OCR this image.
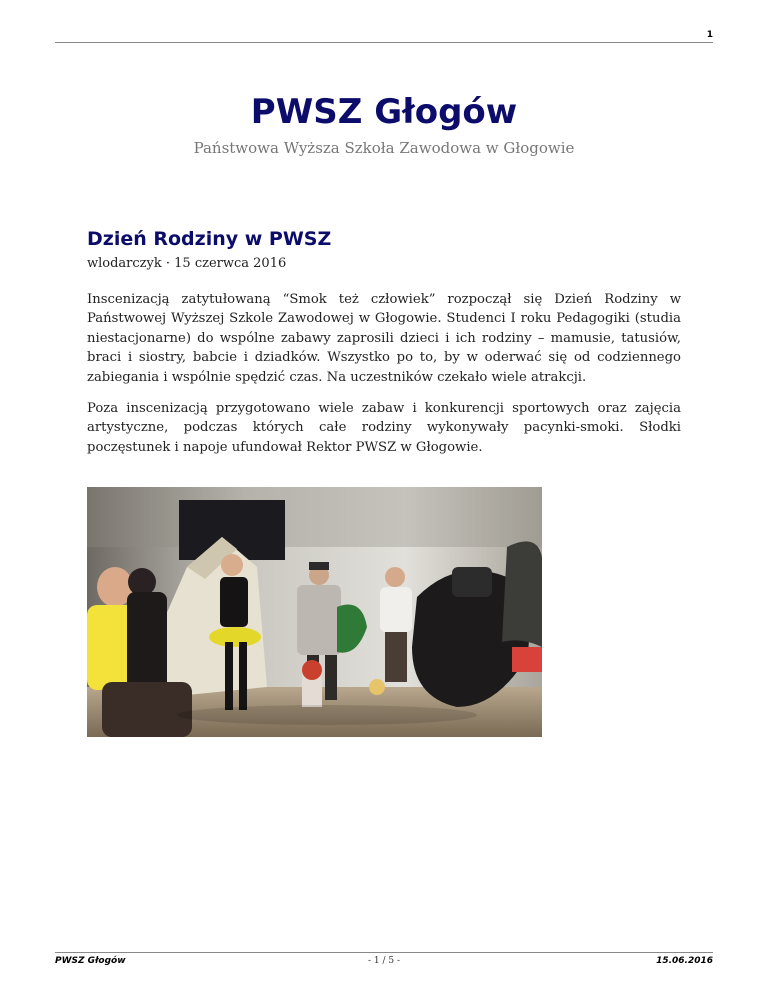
1
PWSZ Głogów
Państwowa Wyższa Szkoła Zawodowa w Głogowie
Dzień Rodziny w PWSZ
wlodarczyk · 15 czerwca 2016

Inscenizacją zatytułowaną “Smok też człowiek” rozpoczął się Dzień Rodziny w Państwowej Wyższej Szkole Zawodowej w Głogowie. Studenci I roku Pedagogiki (studia niestacjonarne) do wspólne zabawy zaprosili dzieci i ich rodziny – mamusie, tatusiów, braci i siostry, babcie i dziadków. Wszystko po to, by w oderwać się od codziennego zabiegania i wspólnie spędzić czas. Na uczestników czekało wiele atrakcji.

Poza inscenizacją przygotowano wiele zabaw i konkurencji sportowych oraz zajęcia artystyczne, podczas których całe rodziny wykonywały pacynki-smoki. Słodki poczęstunek i napoje ufundował Rektor PWSZ w Głogowie.

- 1 / 5 -
PWSZ Głogów	15.06.2016
